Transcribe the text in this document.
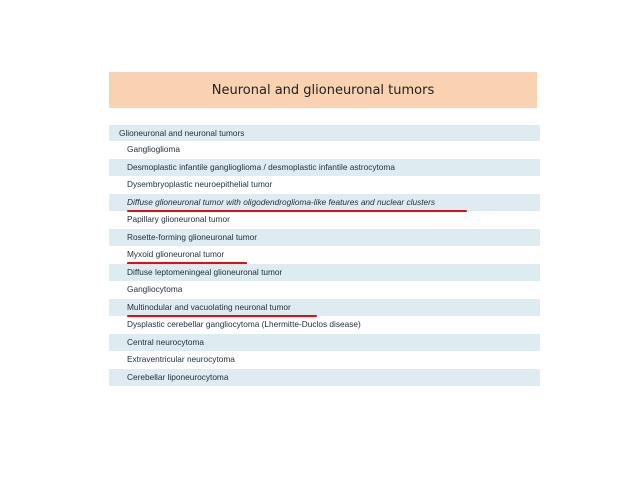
Neuronal and glioneuronal tumors
Glioneuronal and neuronal tumors
Ganglioglioma
Desmoplastic infantile ganglioglioma / desmoplastic infantile astrocytoma
Dysembryoplastic neuroepithelial tumor
Diffuse glioneuronal tumor with oligodendroglioma-like features and nuclear clusters
Papillary glioneuronal tumor
Rosette-forming glioneuronal tumor
Myxoid glioneuronal tumor
Diffuse leptomeningeal glioneuronal tumor
Gangliocytoma
Multinodular and vacuolating neuronal tumor
Dysplastic cerebellar gangliocytoma (Lhermitte-Duclos disease)
Central neurocytoma
Extraventricular neurocytoma
Cerebellar liponeurocytoma
